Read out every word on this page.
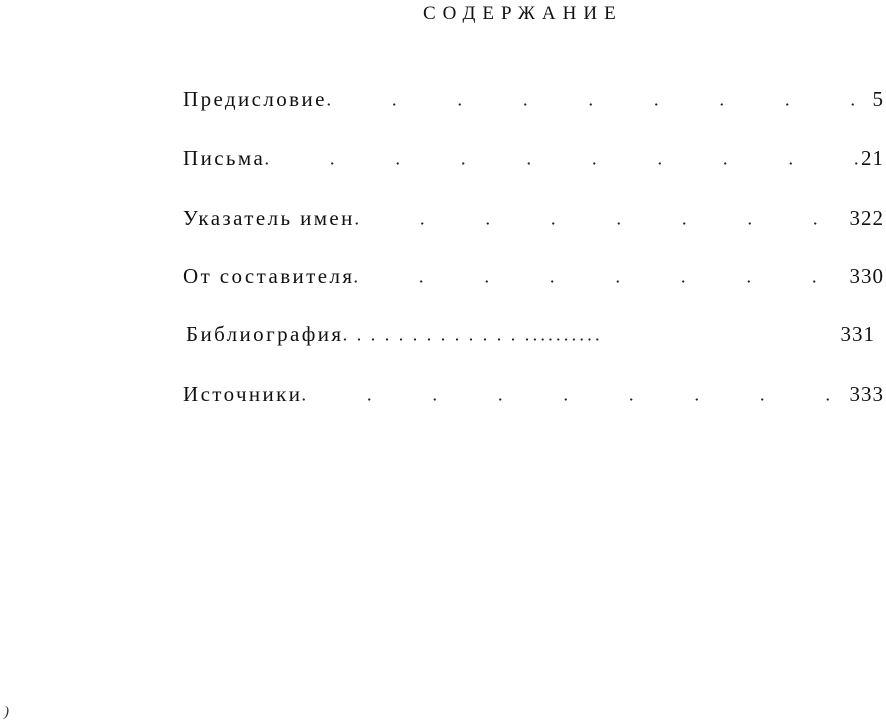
СОДЕРЖАНИЕ
Предисловие	5
Письма	21
Указатель имен	322
От составителя	330
Библиография	331
Источники	333
)
